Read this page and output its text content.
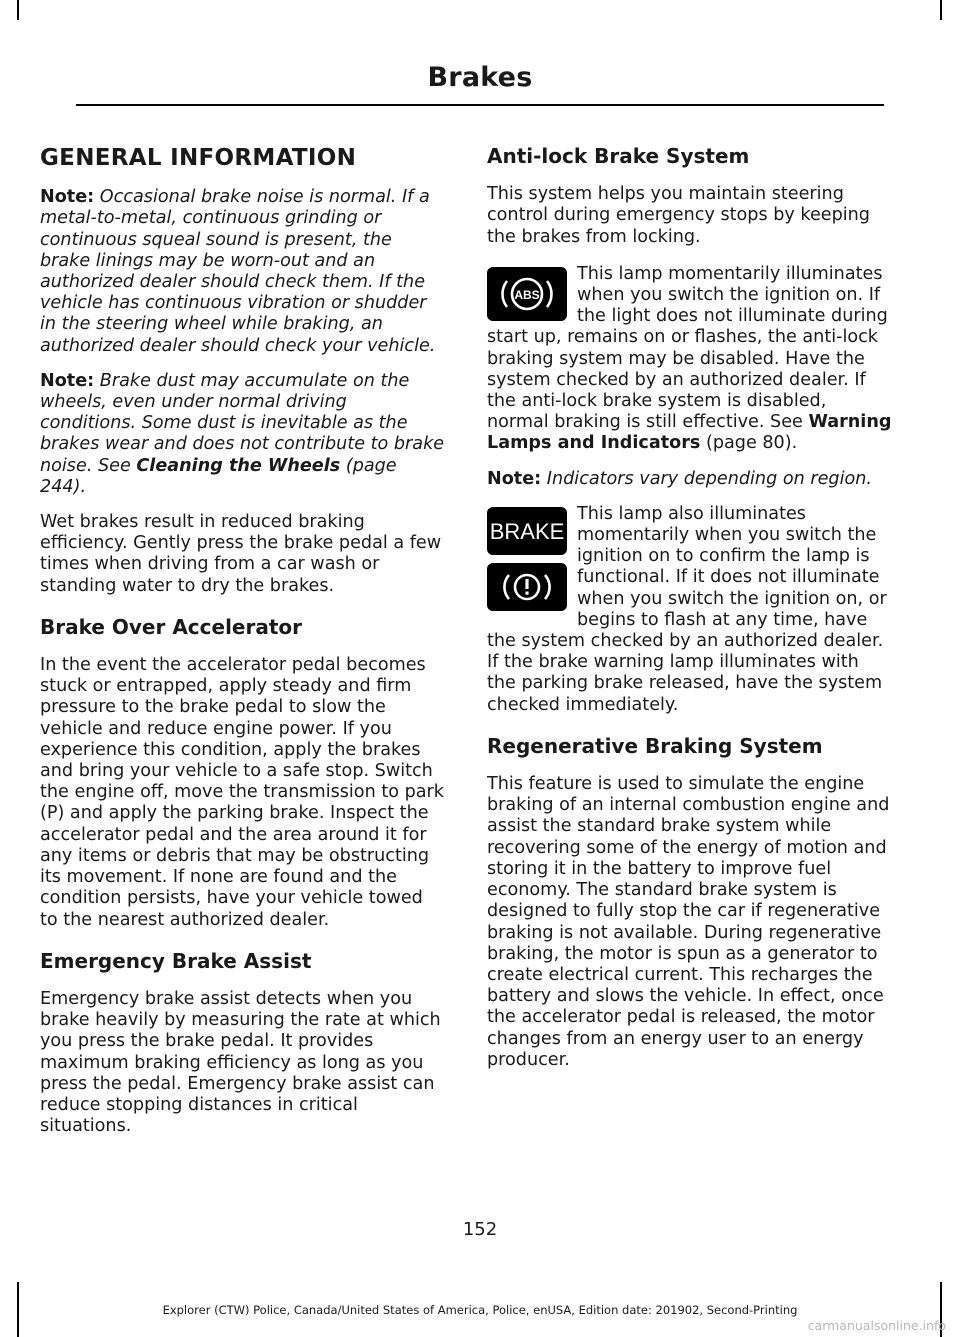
Brakes
GENERAL INFORMATION

Note: Occasional brake noise is normal. If a metal-to-metal, continuous grinding or continuous squeal sound is present, the brake linings may be worn-out and an authorized dealer should check them. If the vehicle has continuous vibration or shudder in the steering wheel while braking, an authorized dealer should check your vehicle.

Note: Brake dust may accumulate on the wheels, even under normal driving conditions. Some dust is inevitable as the brakes wear and does not contribute to brake noise. See Cleaning the Wheels (page 244).

Wet brakes result in reduced braking efficiency. Gently press the brake pedal a few times when driving from a car wash or standing water to dry the brakes.

Brake Over Accelerator

In the event the accelerator pedal becomes stuck or entrapped, apply steady and firm pressure to the brake pedal to slow the vehicle and reduce engine power. If you experience this condition, apply the brakes and bring your vehicle to a safe stop. Switch the engine off, move the transmission to park (P) and apply the parking brake. Inspect the accelerator pedal and the area around it for any items or debris that may be obstructing its movement. If none are found and the condition persists, have your vehicle towed to the nearest authorized dealer.

Emergency Brake Assist

Emergency brake assist detects when you brake heavily by measuring the rate at which you press the brake pedal. It provides maximum braking efficiency as long as you press the pedal. Emergency brake assist can reduce stopping distances in critical situations.

Anti-lock Brake System

This system helps you maintain steering control during emergency stops by keeping the brakes from locking.

ABS

This lamp momentarily illuminates when you switch the ignition on. If the light does not illuminate during start up, remains on or flashes, the anti-lock braking system may be disabled. Have the system checked by an authorized dealer. If the anti-lock brake system is disabled, normal braking is still effective. See Warning Lamps and Indicators (page 80).

Note: Indicators vary depending on region.

BRAKE

This lamp also illuminates momentarily when you switch the ignition on to confirm the lamp is functional. If it does not illuminate when you switch the ignition on, or begins to flash at any time, have the system checked by an authorized dealer. If the brake warning lamp illuminates with the parking brake released, have the system checked immediately.

Regenerative Braking System

This feature is used to simulate the engine braking of an internal combustion engine and assist the standard brake system while recovering some of the energy of motion and storing it in the battery to improve fuel economy. The standard brake system is designed to fully stop the car if regenerative braking is not available. During regenerative braking, the motor is spun as a generator to create electrical current. This recharges the battery and slows the vehicle. In effect, once the accelerator pedal is released, the motor changes from an energy user to an energy producer.

152
Explorer (CTW) Police, Canada/United States of America, Police, enUSA, Edition date: 201902, Second-Printing
carmanualsonline.info
